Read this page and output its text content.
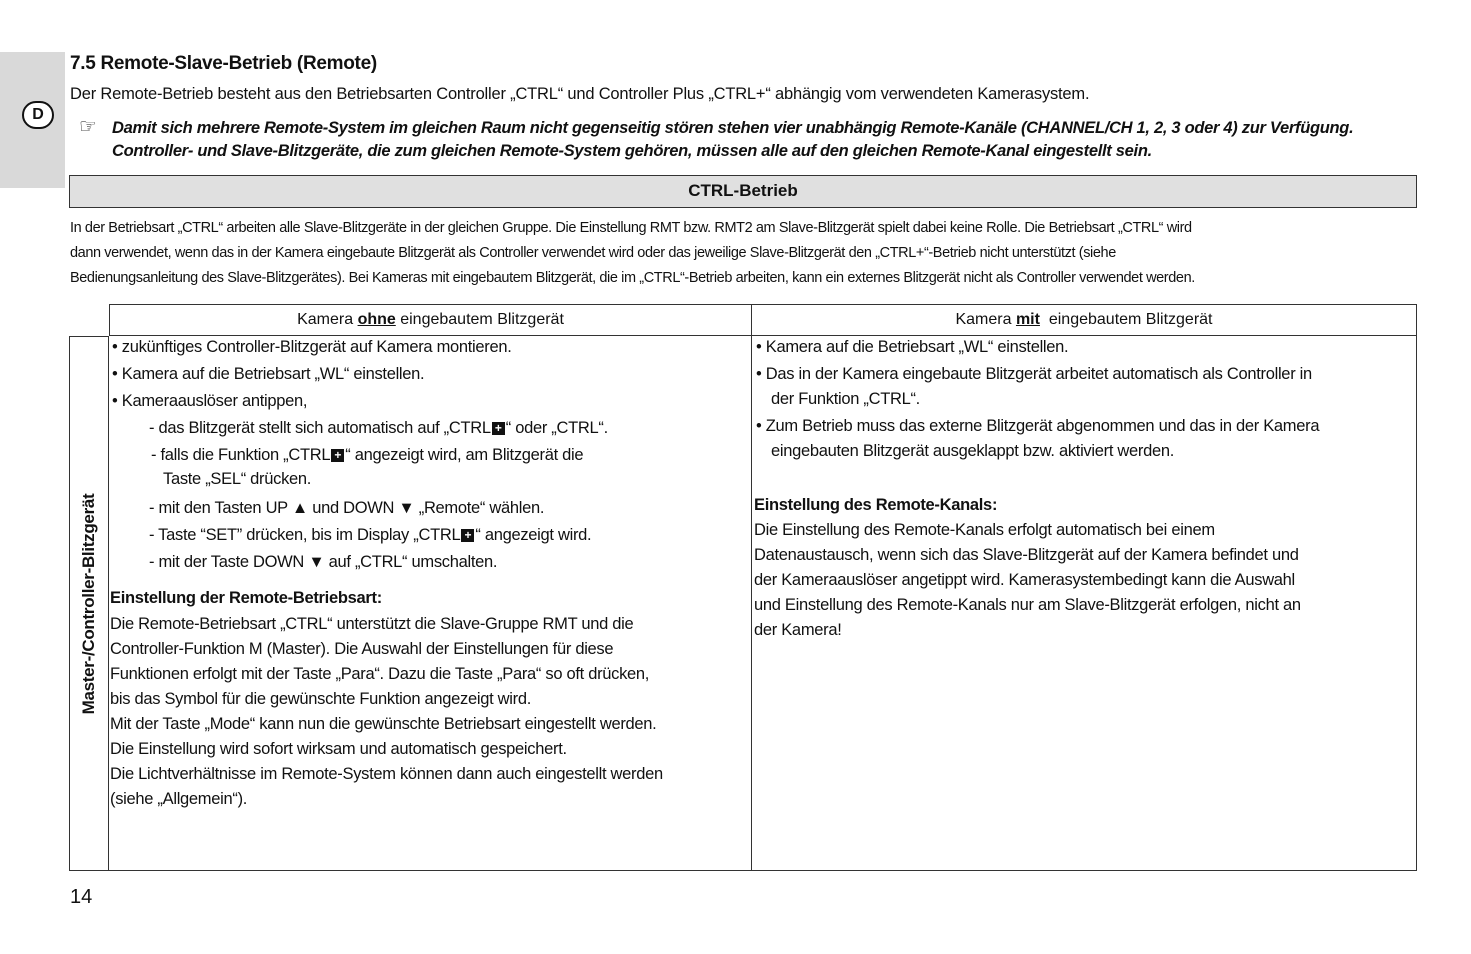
D
7.5 Remote-Slave-Betrieb (Remote)
Der Remote-Betrieb besteht aus den Betriebsarten Controller „CTRL“ und Controller Plus „CTRL+“ abhängig vom verwendeten Kamerasystem.
☞ Damit sich mehrere Remote-System im gleichen Raum nicht gegenseitig stören stehen vier unabhängig Remote-Kanäle (CHANNEL/CH 1, 2, 3 oder 4) zur Verfügung. Controller- und Slave-Blitzgeräte, die zum gleichen Remote-System gehören, müssen alle auf den gleichen Remote-Kanal eingestellt sein.
CTRL-Betrieb
In der Betriebsart „CTRL“ arbeiten alle Slave-Blitzgeräte in der gleichen Gruppe. Die Einstellung RMT bzw. RMT2 am Slave-Blitzgerät spielt dabei keine Rolle. Die Betriebsart „CTRL“ wird
dann verwendet, wenn das in der Kamera eingebaute Blitzgerät als Controller verwendet wird oder das jeweilige Slave-Blitzgerät den „CTRL+“-Betrieb nicht unterstützt (siehe
Bedienungsanleitung des Slave-Blitzgerätes). Bei Kameras mit eingebautem Blitzgerät, die im „CTRL“-Betrieb arbeiten, kann ein externes Blitzgerät nicht als Controller verwendet werden.
Kamera ohne eingebautem Blitzgerät	Kamera mit  eingebautem Blitzgerät
Master-/Controller-Blitzgerät
• zukünftiges Controller-Blitzgerät auf Kamera montieren.
• Kamera auf die Betriebsart „WL“ einstellen.
• Kameraauslöser antippen,
- das Blitzgerät stellt sich automatisch auf „CTRL + “ oder „CTRL“.
- falls die Funktion „CTRL + “ angezeigt wird, am Blitzgerät die
Taste „SEL“ drücken.
- mit den Tasten UP ▲ und DOWN ▼ „Remote“ wählen.
- Taste “SET” drücken, bis im Display „CTRL + “ angezeigt wird.
- mit der Taste DOWN ▼ auf „CTRL“ umschalten.
Einstellung der Remote-Betriebsart:
Die Remote-Betriebsart „CTRL“ unterstützt die Slave-Gruppe RMT und die
Controller-Funktion M (Master). Die Auswahl der Einstellungen für diese
Funktionen erfolgt mit der Taste „Para“. Dazu die Taste „Para“ so oft drücken,
bis das Symbol für die gewünschte Funktion angezeigt wird.
Mit der Taste „Mode“ kann nun die gewünschte Betriebsart eingestellt werden.
Die Einstellung wird sofort wirksam und automatisch gespeichert.
Die Lichtverhältnisse im Remote-System können dann auch eingestellt werden
(siehe „Allgemein“).
• Kamera auf die Betriebsart „WL“ einstellen.
• Das in der Kamera eingebaute Blitzgerät arbeitet automatisch als Controller in
der Funktion „CTRL“.
• Zum Betrieb muss das externe Blitzgerät abgenommen und das in der Kamera
eingebauten Blitzgerät ausgeklappt bzw. aktiviert werden.
Einstellung des Remote-Kanals:
Die Einstellung des Remote-Kanals erfolgt automatisch bei einem
Datenaustausch, wenn sich das Slave-Blitzgerät auf der Kamera befindet und
der Kameraauslöser angetippt wird. Kamerasystembedingt kann die Auswahl
und Einstellung des Remote-Kanals nur am Slave-Blitzgerät erfolgen, nicht an
der Kamera!
14
